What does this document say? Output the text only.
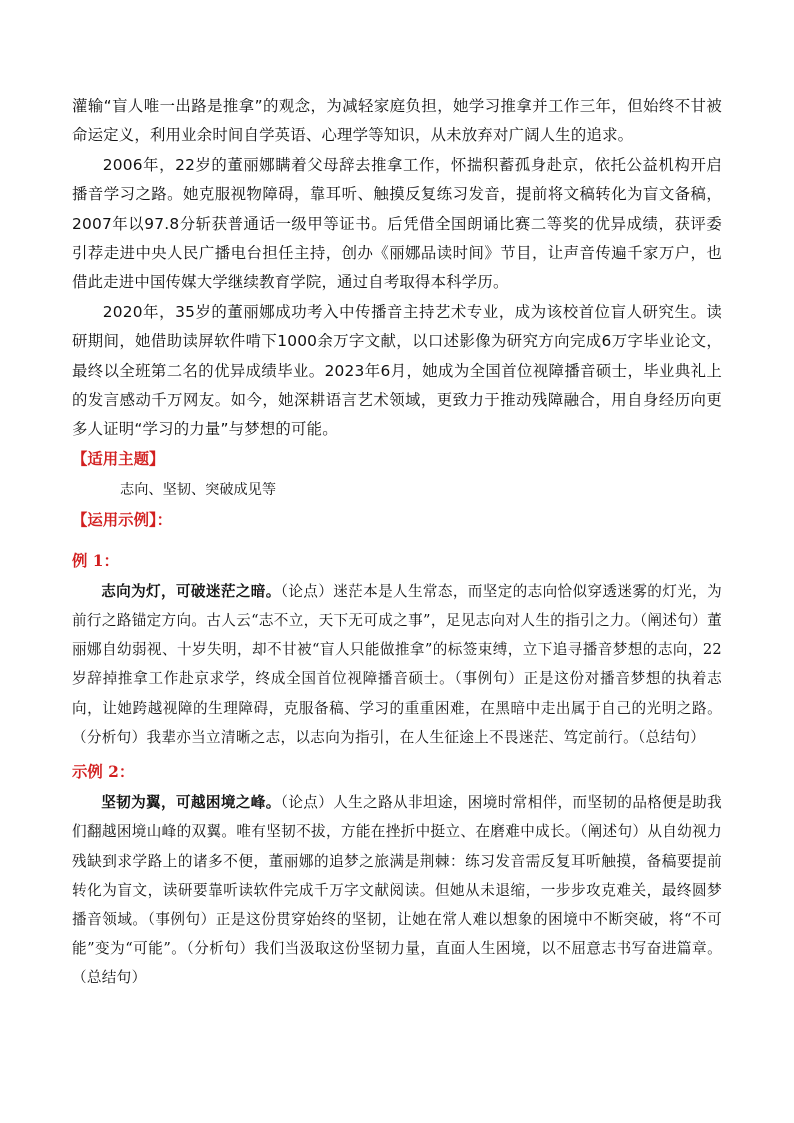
灌输“盲人唯一出路是推拿”的观念，为减轻家庭负担，她学习推拿并工作三年，但始终不甘被命运定义，利用业余时间自学英语、心理学等知识，从未放弃对广阔人生的追求。

2006年，22岁的董丽娜瞒着父母辞去推拿工作，怀揣积蓄孤身赴京，依托公益机构开启播音学习之路。她克服视物障碍，靠耳听、触摸反复练习发音，提前将文稿转化为盲文备稿，2007年以97.8分斩获普通话一级甲等证书。后凭借全国朗诵比赛二等奖的优异成绩，获评委引荐走进中央人民广播电台担任主持，创办《丽娜品读时间》节目，让声音传遍千家万户，也借此走进中国传媒大学继续教育学院，通过自考取得本科学历。

2020年，35岁的董丽娜成功考入中传播音主持艺术专业，成为该校首位盲人研究生。读研期间，她借助读屏软件啃下1000余万字文献，以口述影像为研究方向完成6万字毕业论文，最终以全班第二名的优异成绩毕业。2023年6月，她成为全国首位视障播音硕士，毕业典礼上的发言感动千万网友。如今，她深耕语言艺术领域，更致力于推动残障融合，用自身经历向更多人证明“学习的力量”与梦想的可能。

【适用主题】

志向、坚韧、突破成见等

【运用示例】：

例 1：

志向为灯，可破迷茫之暗。（论点）迷茫本是人生常态，而坚定的志向恰似穿透迷雾的灯光，为前行之路锚定方向。古人云“志不立，天下无可成之事”，足见志向对人生的指引之力。（阐述句）董丽娜自幼弱视、十岁失明，却不甘被“盲人只能做推拿”的标签束缚，立下追寻播音梦想的志向，22岁辞掉推拿工作赴京求学，终成全国首位视障播音硕士。（事例句）正是这份对播音梦想的执着志向，让她跨越视障的生理障碍，克服备稿、学习的重重困难，在黑暗中走出属于自己的光明之路。（分析句）我辈亦当立清晰之志，以志向为指引，在人生征途上不畏迷茫、笃定前行。（总结句）

示例 2：

坚韧为翼，可越困境之峰。（论点）人生之路从非坦途，困境时常相伴，而坚韧的品格便是助我们翻越困境山峰的双翼。唯有坚韧不拔，方能在挫折中挺立、在磨难中成长。（阐述句）从自幼视力残缺到求学路上的诸多不便，董丽娜的追梦之旅满是荆棘：练习发音需反复耳听触摸，备稿要提前转化为盲文，读研要靠听读软件完成千万字文献阅读。但她从未退缩，一步步攻克难关，最终圆梦播音领域。（事例句）正是这份贯穿始终的坚韧，让她在常人难以想象的困境中不断突破，将“不可能”变为“可能”。（分析句）我们当汲取这份坚韧力量，直面人生困境，以不屈意志书写奋进篇章。（总结句）
